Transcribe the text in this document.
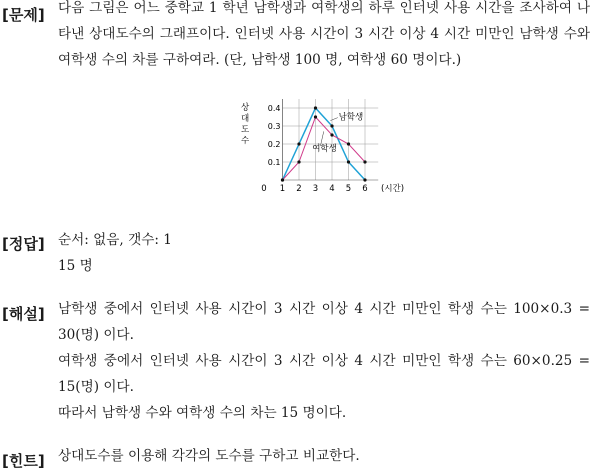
[문제] 다음 그림은 어느 중학교 1 학년 남학생과 여학생의 하루 인터넷 사용 시간을 조사하여 나타낸 상대도수의 그래프이다. 인터넷 사용 시간이 3 시간 이상 4 시간 미만인 남학생 수와 여학생 수의 차를 구하여라. (단, 남학생 100 명, 여학생 60 명이다.)
상
대
도
수
0.1
0.2
0.3
0.4
0 1 2 3 4 5 6 (시간)
남학생
여학생
[정답] 순서: 없음, 갯수: 1

15 명

[해설] 남학생 중에서 인터넷 사용 시간이 3 시간 이상 4 시간 미만인 학생 수는 100×0.3 = 30(명) 이다.

여학생 중에서 인터넷 사용 시간이 3 시간 이상 4 시간 미만인 학생 수는 60×0.25 = 15(명) 이다.

따라서 남학생 수와 여학생 수의 차는 15 명이다.

[힌트] 상대도수를 이용해 각각의 도수를 구하고 비교한다.
